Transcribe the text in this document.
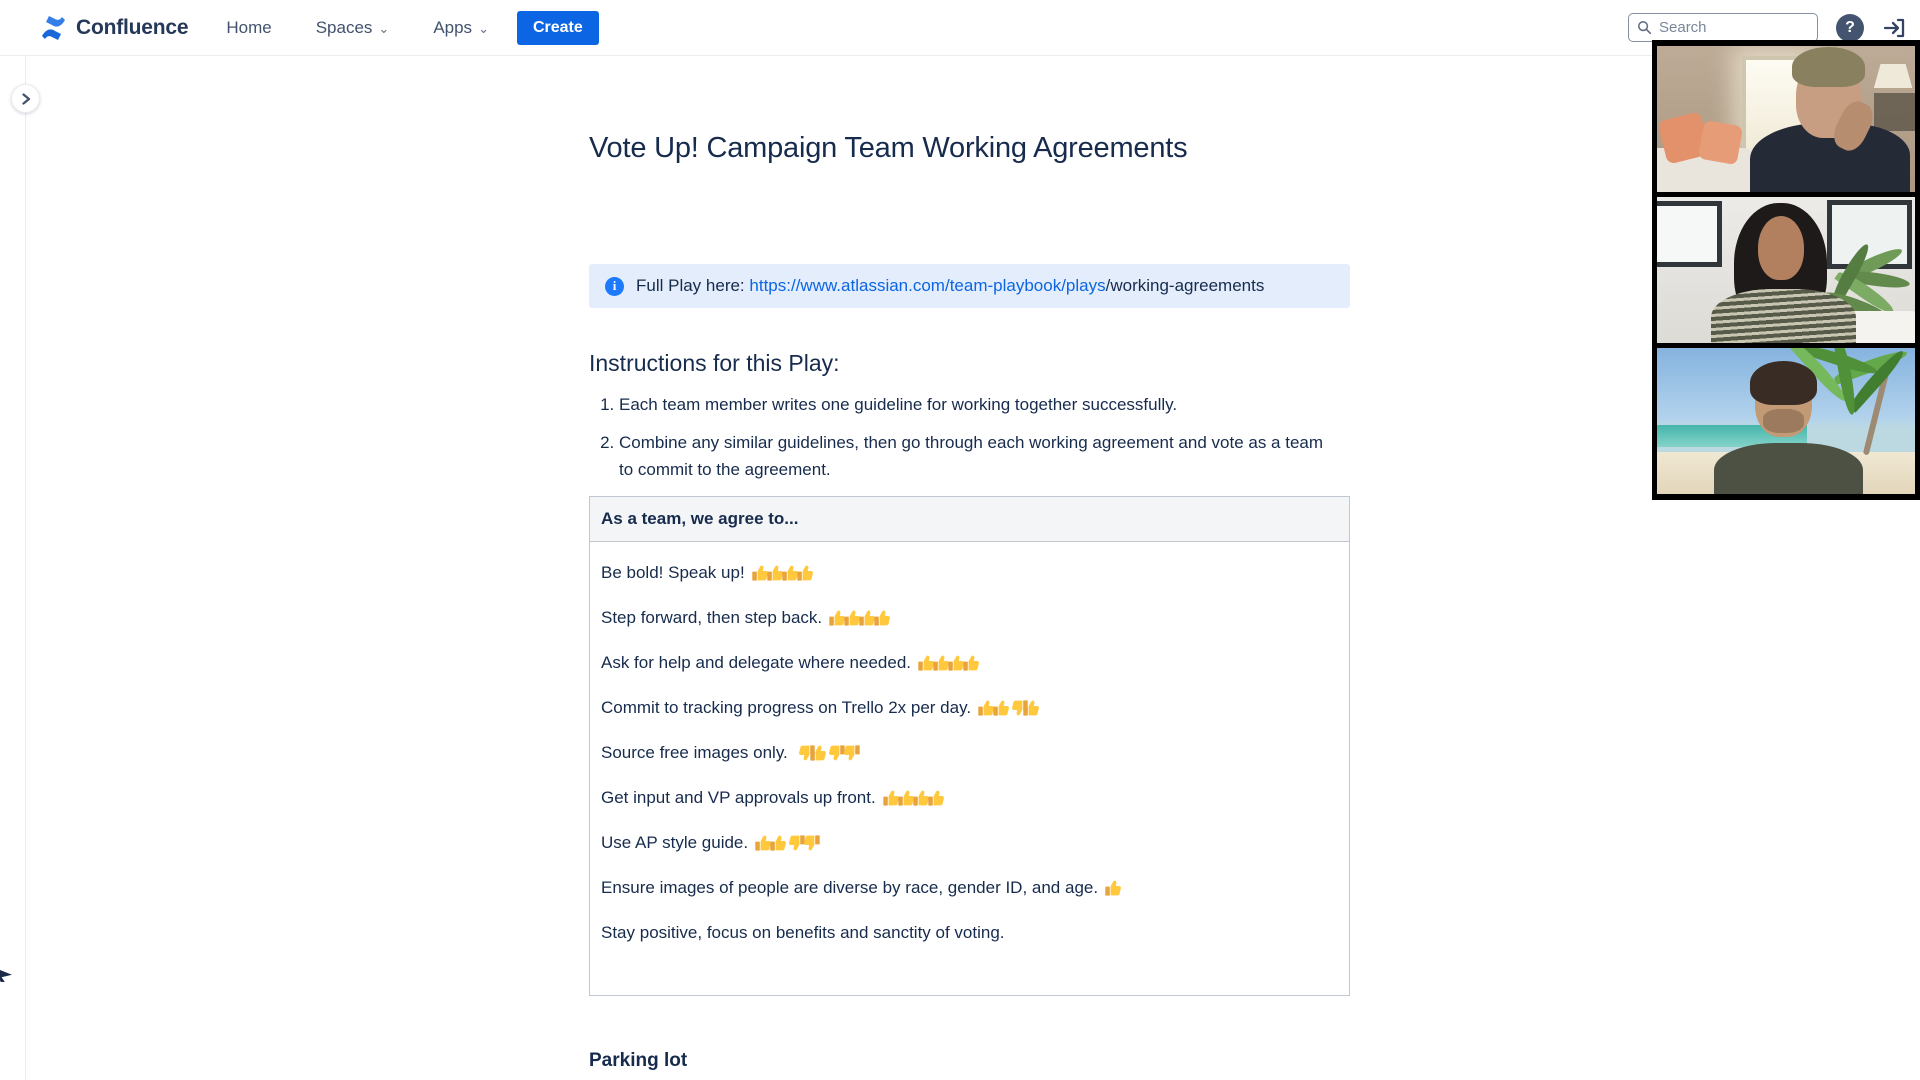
Confluence Home	Spaces ⌄	Apps ⌄	Create
Search	?
Vote Up! Campaign Team Working Agreements
i	Full Play here: https://www.atlassian.com/team-playbook/plays/working-agreements
Instructions for this Play:
1. Each team member writes one guideline for working together successfully.
2. Combine any similar guidelines, then go through each working agreement and vote as a team to commit to the agreement.
As a team, we agree to...

Be bold! Speak up!

Step forward, then step back.

Ask for help and delegate where needed.

Commit to tracking progress on Trello 2x per day.

Source free images only.

Get input and VP approvals up front.

Use AP style guide.

Ensure images of people are diverse by race, gender ID, and age.

Stay positive, focus on benefits and sanctity of voting.

Parking lot
